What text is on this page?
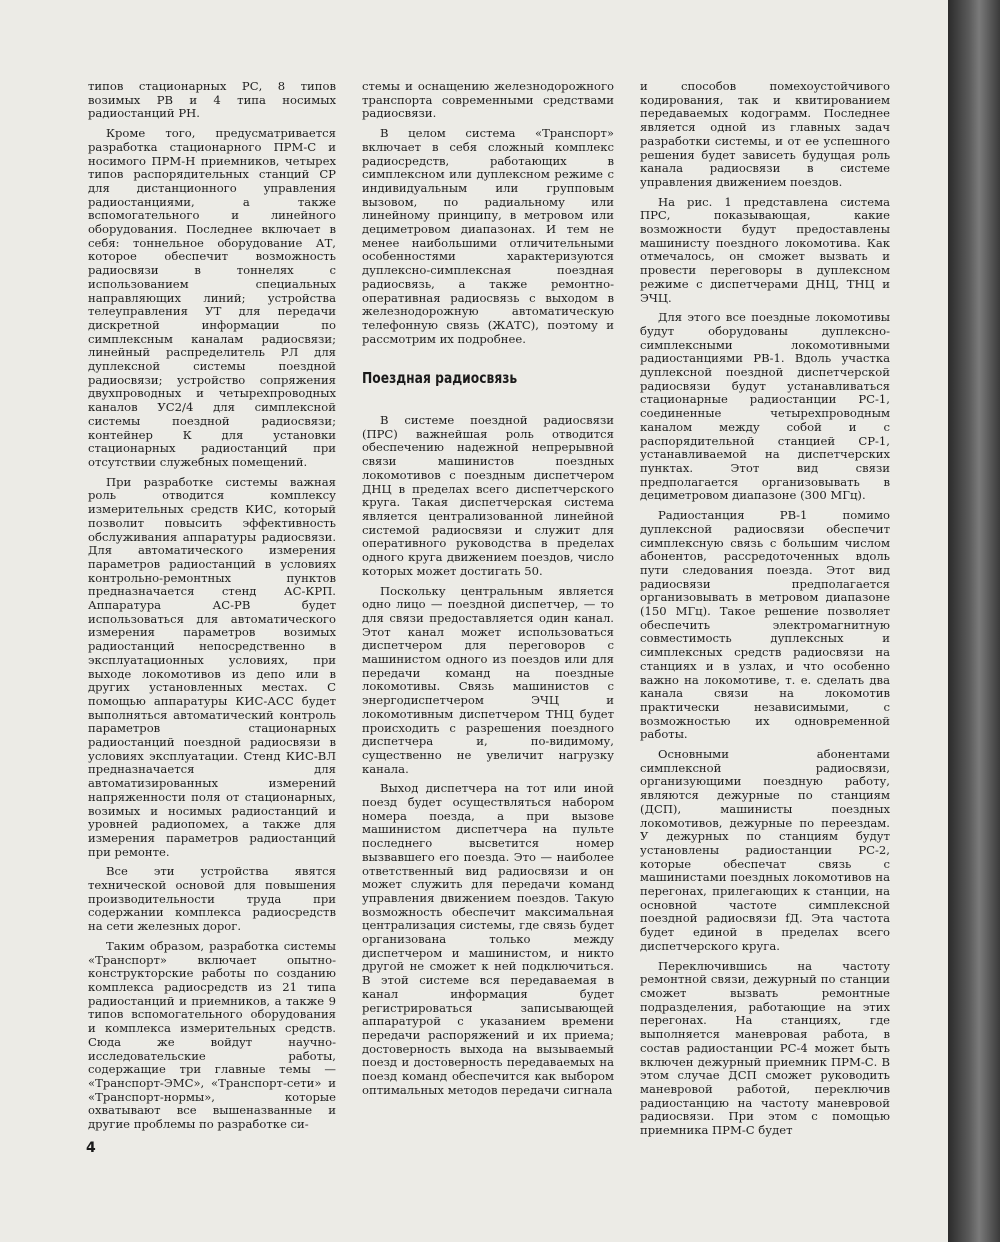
типов стационарных РС, 8 типов возимых РВ и 4 типа носимых радиостанций РН.

Кроме того, предусматривается разработка стационарного ПРМ-С и носимого ПРМ-Н приемников, четырех типов распорядительных станций СР для дистанционного управления радиостанциями, а также вспомогательного и линейного оборудования. Последнее включает в себя: тоннельное оборудование АТ, которое обеспечит возможность радиосвязи в тоннелях с использованием специальных направляющих линий; устройства телеуправления УТ для передачи дискретной информации по симплексным каналам радиосвязи; линейный распределитель РЛ для дуплексной системы поездной радиосвязи; устройство сопряжения двухпроводных и четырехпроводных каналов УС2/4 для симплексной системы поездной радиосвязи; контейнер К для установки стационарных радиостанций при отсутствии служебных помещений.

При разработке системы важная роль отводится комплексу измерительных средств КИС, который позволит повысить эффективность обслуживания аппаратуры радиосвязи. Для автоматического измерения параметров радиостанций в условиях контрольно-ремонтных пунктов предназначается стенд АС-КРП. Аппаратура АС-РВ будет использоваться для автоматического измерения параметров возимых радиостанций непосредственно в эксплуатационных условиях, при выходе локомотивов из депо или в других установленных местах. С помощью аппаратуры КИС-АСС будет выполняться автоматический контроль параметров стационарных радиостанций поездной радиосвязи в условиях эксплуатации. Стенд КИС-ВЛ предназначается для автоматизированных измерений напряженности поля от стационарных, возимых и носимых радиостанций и уровней радиопомех, а также для измерения параметров радиостанций при ремонте.

Все эти устройства явятся технической основой для повышения производительности труда при содержании комплекса радиосредств на сети железных дорог.

Таким образом, разработка системы «Транспорт» включает опытно-конструкторские работы по созданию комплекса радиосредств из 21 типа радиостанций и приемников, а также 9 типов вспомогательного оборудования и комплекса измерительных средств. Сюда же войдут научно-исследовательские работы, содержащие три главные темы — «Транспорт-ЭМС», «Транспорт-сети» и «Транспорт-нормы», которые охватывают все вышеназванные и другие проблемы по разработке си-

стемы и оснащению железнодорожного транспорта современными средствами радиосвязи.

В целом система «Транспорт» включает в себя сложный комплекс радиосредств, работающих в симплексном или дуплексном режиме с индивидуальным или групповым вызовом, по радиальному или линейному принципу, в метровом или дециметровом диапазонах. И тем не менее наибольшими отличительными особенностями характеризуются дуплексно-симплексная поездная радиосвязь, а также ремонтно-оперативная радиосвязь с выходом в железнодорожную автоматическую телефонную связь (ЖАТС), поэтому и рассмотрим их подробнее.

Поездная радиосвязь

В системе поездной радиосвязи (ПРС) важнейшая роль отводится обеспечению надежной непрерывной связи машинистов поездных локомотивов с поездным диспетчером ДНЦ в пределах всего диспетчерского круга. Такая диспетчерская система является централизованной линейной системой радиосвязи и служит для оперативного руководства в пределах одного круга движением поездов, число которых может достигать 50.

Поскольку центральным является одно лицо — поездной диспетчер, — то для связи предоставляется один канал. Этот канал может использоваться диспетчером для переговоров с машинистом одного из поездов или для передачи команд на поездные локомотивы. Связь машинистов с энергодиспетчером ЭЧЦ и локомотивным диспетчером ТНЦ будет происходить с разрешения поездного диспетчера и, по-видимому, существенно не увеличит нагрузку канала.

Выход диспетчера на тот или иной поезд будет осуществляться набором номера поезда, а при вызове машинистом диспетчера на пульте последнего высветится номер вызвавшего его поезда. Это — наиболее ответственный вид радиосвязи и он может служить для передачи команд управления движением поездов. Такую возможность обеспечит максимальная централизация системы, где связь будет организована только между диспетчером и машинистом, и никто другой не сможет к ней подключиться. В этой системе вся передаваемая в канал информация будет регистрироваться записывающей аппаратурой с указанием времени передачи распоряжений и их приема; достоверность выхода на вызываемый поезд и достоверность передаваемых на поезд команд обеспечится как выбором оптимальных методов передачи сигнала

и способов помехоустойчивого кодирования, так и квитированием передаваемых кодограмм. Последнее является одной из главных задач разработки системы, и от ее успешного решения будет зависеть будущая роль канала радиосвязи в системе управления движением поездов.

На рис. 1 представлена система ПРС, показывающая, какие возможности будут предоставлены машинисту поездного локомотива. Как отмечалось, он сможет вызвать и провести переговоры в дуплексном режиме с диспетчерами ДНЦ, ТНЦ и ЭЧЦ.

Для этого все поездные локомотивы будут оборудованы дуплексно-симплексными локомотивными радиостанциями РВ-1. Вдоль участка дуплексной поездной диспетчерской радиосвязи будут устанавливаться стационарные радиостанции РС-1, соединенные четырехпроводным каналом между собой и с распорядительной станцией СР-1, устанавливаемой на диспетчерских пунктах. Этот вид связи предполагается организовывать в дециметровом диапазоне (300 МГц).

Радиостанция РВ-1 помимо дуплексной радиосвязи обеспечит симплексную связь с большим числом абонентов, рассредоточенных вдоль пути следования поезда. Этот вид радиосвязи предполагается организовывать в метровом диапазоне (150 МГц). Такое решение позволяет обеспечить электромагнитную совместимость дуплексных и симплексных средств радиосвязи на станциях и в узлах, и что особенно важно на локомотиве, т. е. сделать два канала связи на локомотив практически независимыми, с возможностью их одновременной работы.

Основными абонентами симплексной радиосвязи, организующими поездную работу, являются дежурные по станциям (ДСП), машинисты поездных локомотивов, дежурные по переездам. У дежурных по станциям будут установлены радиостанции РС-2, которые обеспечат связь с машинистами поездных локомотивов на перегонах, прилегающих к станции, на основной частоте симплексной поездной радиосвязи fД. Эта частота будет единой в пределах всего диспетчерского круга.

Переключившись на частоту ремонтной связи, дежурный по станции сможет вызвать ремонтные подразделения, работающие на этих перегонах. На станциях, где выполняется маневровая работа, в состав радиостанции РС-4 может быть включен дежурный приемник ПРМ-С. В этом случае ДСП сможет руководить маневровой работой, переключив радиостанцию на частоту маневровой радиосвязи. При этом с помощью приемника ПРМ-С будет

4
